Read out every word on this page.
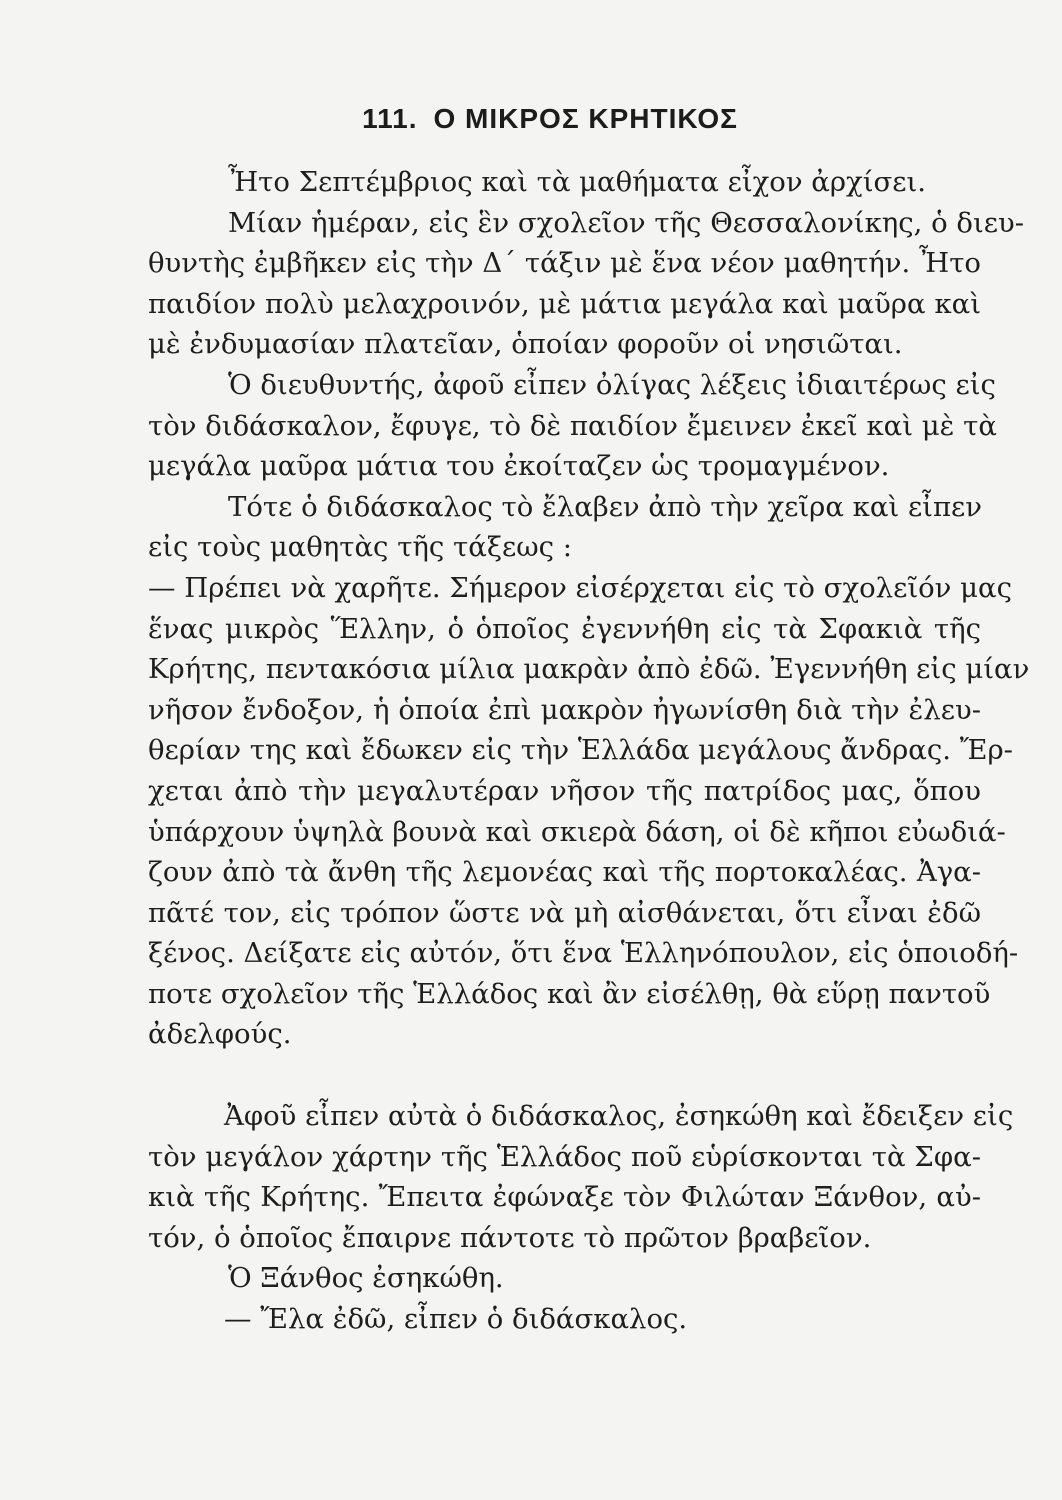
111. Ο ΜΙΚΡΟΣ ΚΡΗΤΙΚΟΣ
Ἦτο Σεπτέμβριος καὶ τὰ μαθήματα εἶχον ἀρχίσει.
Μίαν ἡμέραν, εἰς ἓν σχολεῖον τῆς Θεσσαλονίκης, ὁ διευ-
θυντὴς ἐμβῆκεν εἰς τὴν Δ΄ τάξιν μὲ ἕνα νέον μαθητήν. Ἦτο
παιδίον πολὺ μελαχροινόν, μὲ μάτια μεγάλα καὶ μαῦρα καὶ
μὲ ἐνδυμασίαν πλατεῖαν, ὁποίαν φοροῦν οἱ νησιῶται.
Ὁ διευθυντής, ἀφοῦ εἶπεν ὀλίγας λέξεις ἰδιαιτέρως εἰς
τὸν διδάσκαλον, ἔφυγε, τὸ δὲ παιδίον ἔμεινεν ἐκεῖ καὶ μὲ τὰ
μεγάλα μαῦρα μάτια του ἐκοίταζεν ὡς τρομαγμένον.
Τότε ὁ διδάσκαλος τὸ ἔλαβεν ἀπὸ τὴν χεῖρα καὶ εἶπεν
εἰς τοὺς μαθητὰς τῆς τάξεως :
— Πρέπει νὰ χαρῆτε. Σήμερον εἰσέρχεται εἰς τὸ σχολεῖόν μας
ἕνας μικρὸς Ἕλλην, ὁ ὁποῖος ἐγεννήθη εἰς τὰ Σφακιὰ τῆς
Κρήτης, πεντακόσια μίλια μακρὰν ἀπὸ ἐδῶ. Ἐγεννήθη εἰς μίαν
νῆσον ἔνδοξον, ἡ ὁποία ἐπὶ μακρὸν ἠγωνίσθη διὰ τὴν ἐλευ-
θερίαν της καὶ ἔδωκεν εἰς τὴν Ἑλλάδα μεγάλους ἄνδρας. Ἔρ-
χεται ἀπὸ τὴν μεγαλυτέραν νῆσον τῆς πατρίδος μας, ὅπου
ὑπάρχουν ὑψηλὰ βουνὰ καὶ σκιερὰ δάση, οἱ δὲ κῆποι εὐωδιά-
ζουν ἀπὸ τὰ ἄνθη τῆς λεμονέας καὶ τῆς πορτοκαλέας. Ἀγα-
πᾶτέ τον, εἰς τρόπον ὥστε νὰ μὴ αἰσθάνεται, ὅτι εἶναι ἐδῶ
ξένος. Δείξατε εἰς αὐτόν, ὅτι ἕνα Ἑλληνόπουλον, εἰς ὁποιοδή-
ποτε σχολεῖον τῆς Ἑλλάδος καὶ ἂν εἰσέλθῃ, θὰ εὕρῃ παντοῦ
ἀδελφούς.
Ἀφοῦ εἶπεν αὐτὰ ὁ διδάσκαλος, ἐσηκώθη καὶ ἔδειξεν εἰς
τὸν μεγάλον χάρτην τῆς Ἑλλάδος ποῦ εὑρίσκονται τὰ Σφα-
κιὰ τῆς Κρήτης. Ἔπειτα ἐφώναξε τὸν Φιλώταν Ξάνθον, αὐ-
τόν, ὁ ὁποῖος ἔπαιρνε πάντοτε τὸ πρῶτον βραβεῖον.
Ὁ Ξάνθος ἐσηκώθη.
— Ἔλα ἐδῶ, εἶπεν ὁ διδάσκαλος.
